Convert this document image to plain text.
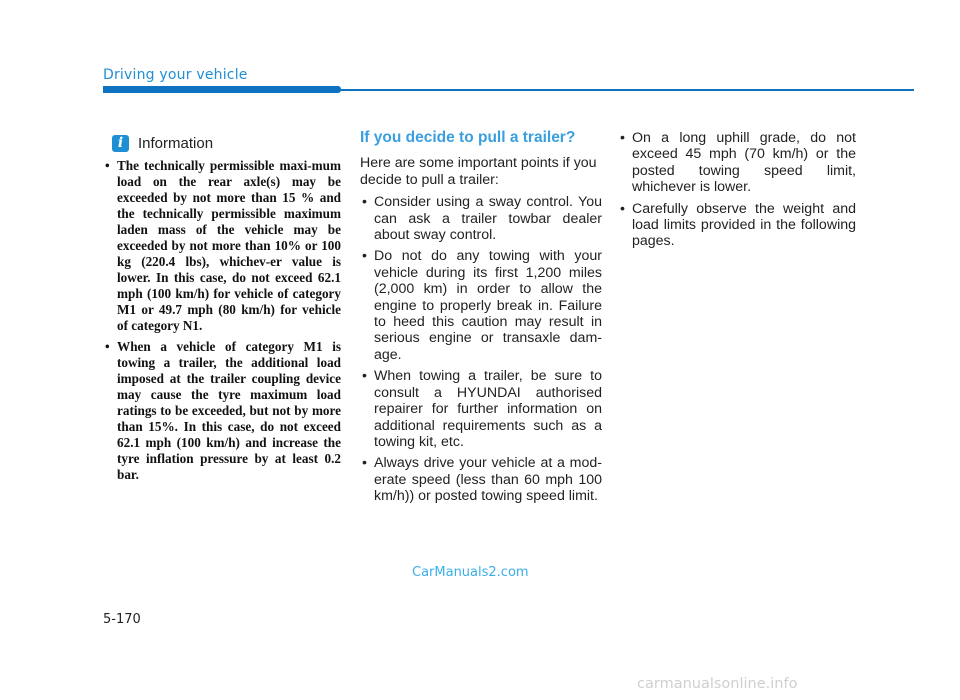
Driving your vehicle
i Information
• The technically permissible maxi-mum load on the rear axle(s) may be exceeded by not more than 15 % and the technically permissible maximum laden mass of the vehicle may be exceeded by not more than 10% or 100 kg (220.4 lbs), whichev-er value is lower. In this case, do not exceed 62.1 mph (100 km/h) for vehicle of category M1 or 49.7 mph (80 km/h) for vehicle of category N1.
• When a vehicle of category M1 is towing a trailer, the additional load imposed at the trailer coupling device may cause the tyre maximum load ratings to be exceeded, but not by more than 15%. In this case, do not exceed 62.1 mph (100 km/h) and increase the tyre inflation pressure by at least 0.2 bar.
If you decide to pull a trailer?

Here are some important points if you decide to pull a trailer:

• Consider using a sway control. You can ask a trailer towbar dealer about sway control.
• Do not do any towing with your vehicle during its first 1,200 miles (2,000 km) in order to allow the engine to properly break in. Failure to heed this caution may result in serious engine or transaxle dam-age.
• When towing a trailer, be sure to consult a HYUNDAI authorised repairer for further information on additional requirements such as a towing kit, etc.
• Always drive your vehicle at a mod-erate speed (less than 60 mph 100 km/h)) or posted towing speed limit.
• On a long uphill grade, do not exceed 45 mph (70 km/h) or the posted towing speed limit, whichever is lower.
• Carefully observe the weight and load limits provided in the following pages.
CarManuals2.com
5-170
carmanualsonline.info
